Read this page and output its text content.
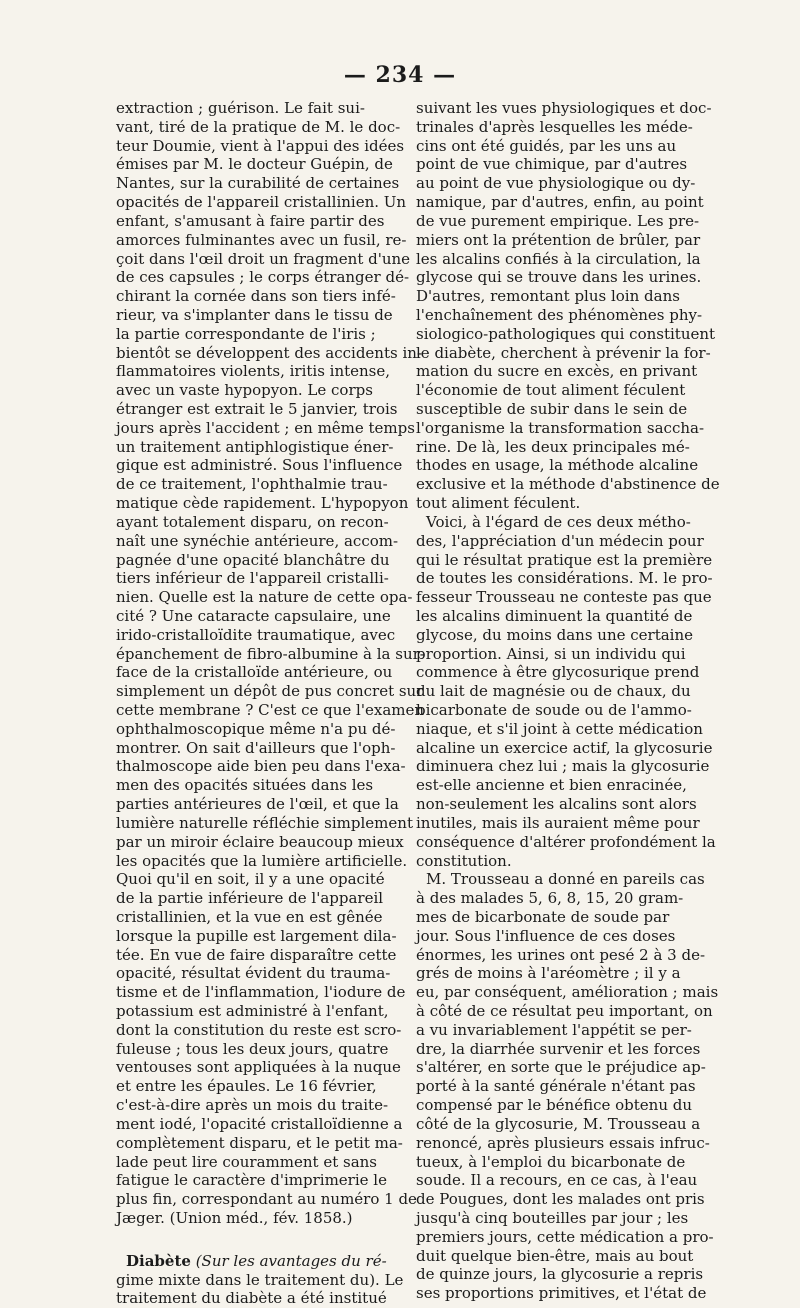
— 234 —
extraction ; guérison. Le fait sui-
vant, tiré de la pratique de M. le doc-
teur Doumie, vient à l'appui des idées
émises par M. le docteur Guépin, de
Nantes, sur la curabilité de certaines
opacités de l'appareil cristallinien. Un
enfant, s'amusant à faire partir des
amorces fulminantes avec un fusil, re-
çoit dans l'œil droit un fragment d'une
de ces capsules ; le corps étranger dé-
chirant la cornée dans son tiers infé-
rieur, va s'implanter dans le tissu de
la partie correspondante de l'iris ;
bientôt se développent des accidents in-
flammatoires violents, iritis intense,
avec un vaste hypopyon. Le corps
étranger est extrait le 5 janvier, trois
jours après l'accident ; en même temps
un traitement antiphlogistique éner-
gique est administré. Sous l'influence
de ce traitement, l'ophthalmie trau-
matique cède rapidement. L'hypopyon
ayant totalement disparu, on recon-
naît une synéchie antérieure, accom-
pagnée d'une opacité blanchâtre du
tiers inférieur de l'appareil cristalli-
nien. Quelle est la nature de cette opa-
cité ? Une cataracte capsulaire, une
irido-cristalloïdite traumatique, avec
épanchement de fibro-albumine à la sur-
face de la cristalloïde antérieure, ou
simplement un dépôt de pus concret sur
cette membrane ? C'est ce que l'examen
ophthalmoscopique même n'a pu dé-
montrer. On sait d'ailleurs que l'oph-
thalmoscope aide bien peu dans l'exa-
men des opacités situées dans les
parties antérieures de l'œil, et que la
lumière naturelle réfléchie simplement
par un miroir éclaire beaucoup mieux
les opacités que la lumière artificielle.
Quoi qu'il en soit, il y a une opacité
de la partie inférieure de l'appareil
cristallinien, et la vue en est gênée
lorsque la pupille est largement dila-
tée. En vue de faire disparaître cette
opacité, résultat évident du trauma-
tisme et de l'inflammation, l'iodure de
potassium est administré à l'enfant,
dont la constitution du reste est scro-
fuleuse ; tous les deux jours, quatre
ventouses sont appliquées à la nuque
et entre les épaules. Le 16 février,
c'est-à-dire après un mois du traite-
ment iodé, l'opacité cristalloïdienne a
complètement disparu, et le petit ma-
lade peut lire couramment et sans
fatigue le caractère d'imprimerie le
plus fin, correspondant au numéro 1 de
Jæger. (Union méd., fév. 1858.)
Diabète (Sur les avantages du ré-
gime mixte dans le traitement du). Le
traitement du diabète a été institué
suivant les vues physiologiques et doc-
trinales d'après lesquelles les méde-
cins ont été guidés, par les uns au
point de vue chimique, par d'autres
au point de vue physiologique ou dy-
namique, par d'autres, enfin, au point
de vue purement empirique. Les pre-
miers ont la prétention de brûler, par
les alcalins confiés à la circulation, la
glycose qui se trouve dans les urines.
D'autres, remontant plus loin dans
l'enchaînement des phénomènes phy-
siologico-pathologiques qui constituent
le diabète, cherchent à prévenir la for-
mation du sucre en excès, en privant
l'économie de tout aliment féculent
susceptible de subir dans le sein de
l'organisme la transformation saccha-
rine. De là, les deux principales mé-
thodes en usage, la méthode alcaline
exclusive et la méthode d'abstinence de
tout aliment féculent.
Voici, à l'égard de ces deux métho-
des, l'appréciation d'un médecin pour
qui le résultat pratique est la première
de toutes les considérations. M. le pro-
fesseur Trousseau ne conteste pas que
les alcalins diminuent la quantité de
glycose, du moins dans une certaine
proportion. Ainsi, si un individu qui
commence à être glycosurique prend
du lait de magnésie ou de chaux, du
bicarbonate de soude ou de l'ammo-
niaque, et s'il joint à cette médication
alcaline un exercice actif, la glycosurie
diminuera chez lui ; mais la glycosurie
est-elle ancienne et bien enracinée,
non-seulement les alcalins sont alors
inutiles, mais ils auraient même pour
conséquence d'altérer profondément la
constitution.
M. Trousseau a donné en pareils cas
à des malades 5, 6, 8, 15, 20 gram-
mes de bicarbonate de soude par
jour. Sous l'influence de ces doses
énormes, les urines ont pesé 2 à 3 de-
grés de moins à l'aréomètre ; il y a
eu, par conséquent, amélioration ; mais
à côté de ce résultat peu important, on
a vu invariablement l'appétit se per-
dre, la diarrhée survenir et les forces
s'altérer, en sorte que le préjudice ap-
porté à la santé générale n'étant pas
compensé par le bénéfice obtenu du
côté de la glycosurie, M. Trousseau a
renoncé, après plusieurs essais infruc-
tueux, à l'emploi du bicarbonate de
soude. Il a recours, en ce cas, à l'eau
de Pougues, dont les malades ont pris
jusqu'à cinq bouteilles par jour ; les
premiers jours, cette médication a pro-
duit quelque bien-être, mais au bout
de quinze jours, la glycosurie a repris
ses proportions primitives, et l'état de
